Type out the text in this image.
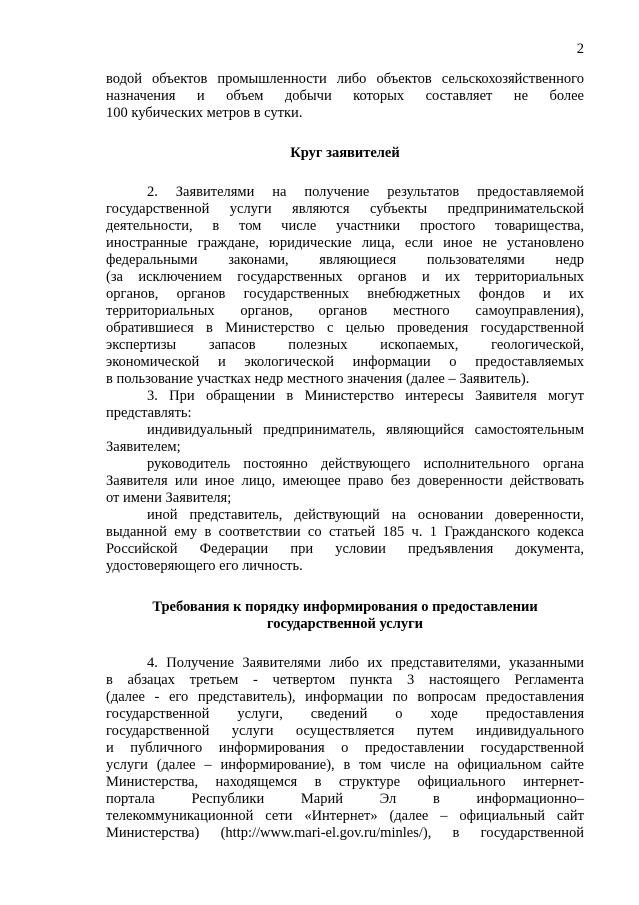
2
водой объектов промышленности либо объектов сельскохозяйственного
назначения и объем добычи которых составляет не более
100 кубических метров в сутки.
Круг заявителей
2. Заявителями на получение результатов предоставляемой
государственной услуги являются субъекты предпринимательской
деятельности, в том числе участники простого товарищества,
иностранные граждане, юридические лица, если иное не установлено
федеральными законами, являющиеся пользователями недр
(за исключением государственных органов и их территориальных
органов, органов государственных внебюджетных фондов и их
территориальных органов, органов местного самоуправления),
обратившиеся в Министерство с целью проведения государственной
экспертизы запасов полезных ископаемых, геологической,
экономической и экологической информации о предоставляемых
в пользование участках недр местного значения (далее – Заявитель).
3. При обращении в Министерство интересы Заявителя могут
представлять:
индивидуальный предприниматель, являющийся самостоятельным
Заявителем;
руководитель постоянно действующего исполнительного органа
Заявителя или иное лицо, имеющее право без доверенности действовать
от имени Заявителя;
иной представитель, действующий на основании доверенности,
выданной ему в соответствии со статьей 185 ч. 1 Гражданского кодекса
Российской Федерации при условии предъявления документа,
удостоверяющего его личность.
Требования к порядку информирования о предоставлении
государственной услуги
4. Получение Заявителями либо их представителями, указанными
в абзацах третьем - четвертом пункта 3 настоящего Регламента
(далее - его представитель), информации по вопросам предоставления
государственной услуги, сведений о ходе предоставления
государственной услуги осуществляется путем индивидуального
и публичного информирования о предоставлении государственной
услуги (далее – информирование), в том числе на официальном сайте
Министерства, находящемся в структуре официального интернет-
портала Республики Марий Эл в информационно–
телекоммуникационной сети «Интернет» (далее – официальный сайт
Министерства) (http://www.mari-el.gov.ru/minles/), в государственной
